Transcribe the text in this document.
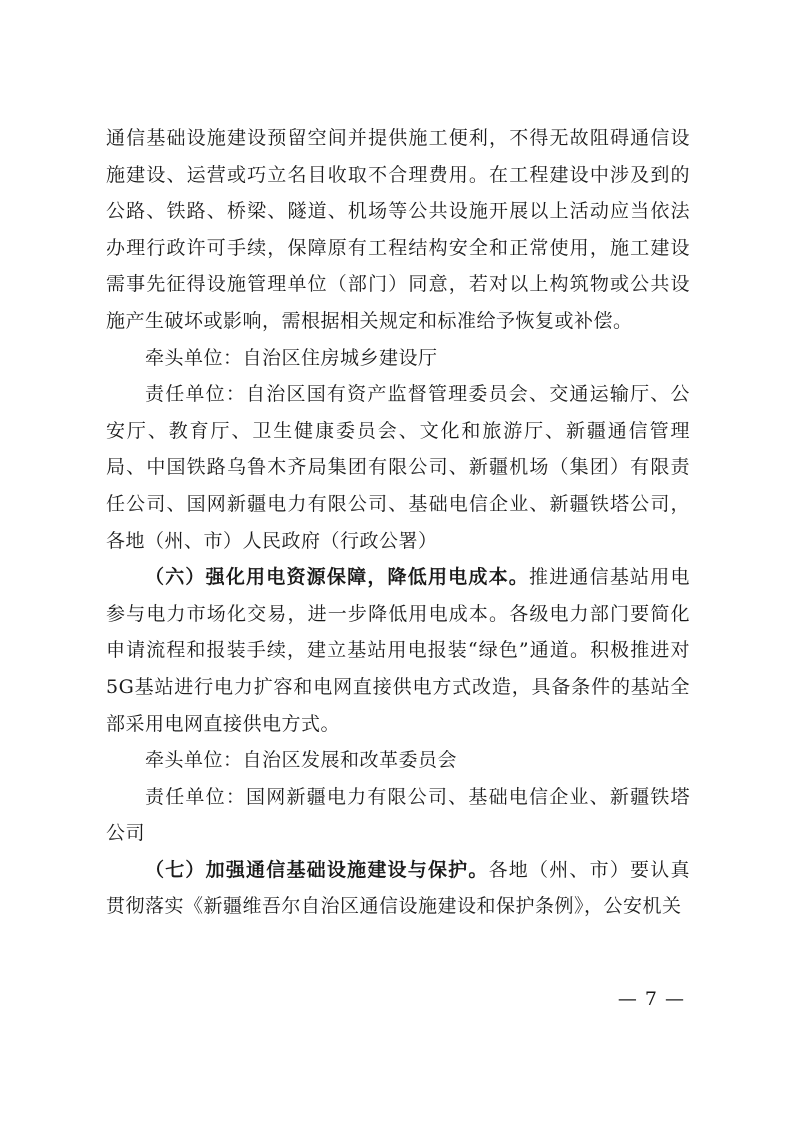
通信基础设施建设预留空间并提供施工便利，不得无故阻碍通信设施建设、运营或巧立名目收取不合理费用。在工程建设中涉及到的公路、铁路、桥梁、隧道、机场等公共设施开展以上活动应当依法办理行政许可手续，保障原有工程结构安全和正常使用，施工建设需事先征得设施管理单位（部门）同意，若对以上构筑物或公共设施产生破坏或影响，需根据相关规定和标准给予恢复或补偿。

牵头单位：自治区住房城乡建设厅

责任单位：自治区国有资产监督管理委员会、交通运输厅、公安厅、教育厅、卫生健康委员会、文化和旅游厅、新疆通信管理局、中国铁路乌鲁木齐局集团有限公司、新疆机场（集团）有限责任公司、国网新疆电力有限公司、基础电信企业、新疆铁塔公司，各地（州、市）人民政府（行政公署）

（六）强化用电资源保障，降低用电成本。推进通信基站用电参与电力市场化交易，进一步降低用电成本。各级电力部门要简化申请流程和报装手续，建立基站用电报装“绿色”通道。积极推进对5G基站进行电力扩容和电网直接供电方式改造，具备条件的基站全部采用电网直接供电方式。

牵头单位：自治区发展和改革委员会

责任单位：国网新疆电力有限公司、基础电信企业、新疆铁塔公司

（七）加强通信基础设施建设与保护。各地（州、市）要认真贯彻落实《新疆维吾尔自治区通信设施建设和保护条例》，公安机关

— 7 —
